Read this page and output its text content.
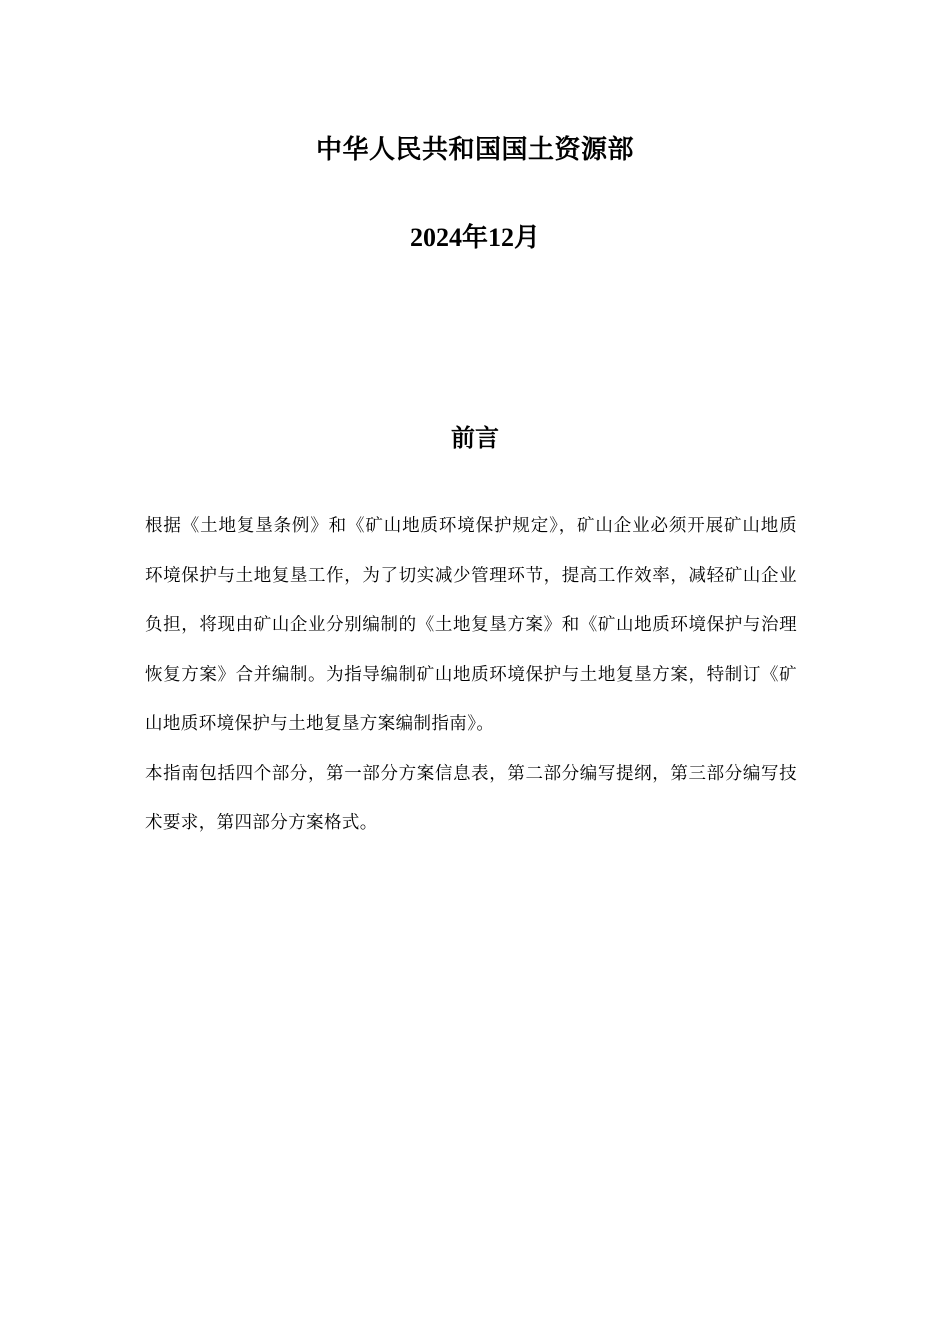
中华人民共和国国土资源部
2024年12月
前言

根据《土地复垦条例》和《矿山地质环境保护规定》，矿山企业必须开展矿山地质环境保护与土地复垦工作，为了切实减少管理环节，提高工作效率，减轻矿山企业负担，将现由矿山企业分别编制的《土地复垦方案》和《矿山地质环境保护与治理恢复方案》合并编制。为指导编制矿山地质环境保护与土地复垦方案，特制订《矿山地质环境保护与土地复垦方案编制指南》。

本指南包括四个部分，第一部分方案信息表，第二部分编写提纲，第三部分编写技术要求，第四部分方案格式。
